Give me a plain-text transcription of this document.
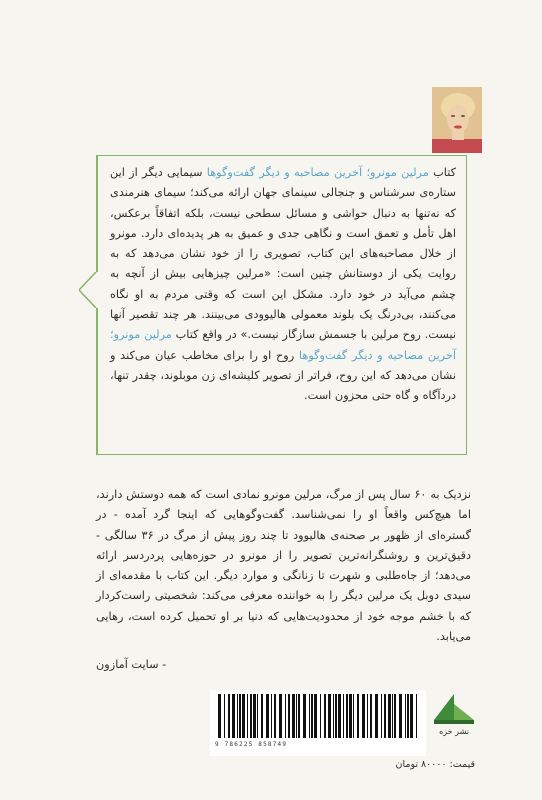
کتاب مرلین مونرو؛ آخرین مصاحبه و دیگر گفت‌وگوها سیمایی دیگر از این ستاره‌ی سرشناس و جنجالی سینمای جهان ارائه می‌کند؛ سیمای هنرمندی که نه‌تنها به دنبال حواشی و مسائل سطحی نیست، بلکه اتفاقاً برعکس، اهل تأمل و تعمق است و نگاهی جدی و عمیق به هر پدیده‌ای دارد. مونرو از خلال مصاحبه‌های این کتاب، تصویری را از خود نشان می‌دهد که به روایت یکی از دوستانش چنین است: «مرلین چیزهایی بیش از آنچه به چشم می‌آید در خود دارد. مشکل این است که وقتی مردم به او نگاه می‌کنند، بی‌درنگ یک بلوند معمولی هالیوودی می‌بینند. هر چند تقصیر آنها نیست. روح مرلین با جسمش سازگار نیست.» در واقع کتاب مرلین مونرو؛ آخرین مصاحبه و دیگر گفت‌وگوها روح او را برای مخاطب عیان می‌کند و نشان می‌دهد که این روح، فراتر از تصویر کلیشه‌ای زن موبلوند، چقدر تنها، دردآگاه و گاه حتی محزون است.
نزدیک به ۶۰ سال پس از مرگ، مرلین مونرو نمادی است که همه دوستش دارند، اما هیچ‌کس واقعاً او را نمی‌شناسد. گفت‌وگوهایی که اینجا گرد آمده - در گستره‌ای از ظهور بر صحنه‌ی هالیوود تا چند روز پیش از مرگ در ۳۶ سالگی - دقیق‌ترین و روشنگرانه‌ترین تصویر را از مونرو در حوزه‌هایی پردردسر ارائه می‌دهد؛ از جاه‌طلبی و شهرت تا زنانگی و موارد دیگر. این کتاب با مقدمه‌ای از سیدی دوبل یک مرلین دیگر را به خواننده معرفی می‌کند: شخصیتی راست‌کردار که با خشم موجه خود از محدودیت‌هایی که دنیا بر او تحمیل کرده است، رهایی می‌یابد.
- سایت آمازون
9 786225 858749
نشر خزه
قیمت: ۸۰۰۰۰ تومان
